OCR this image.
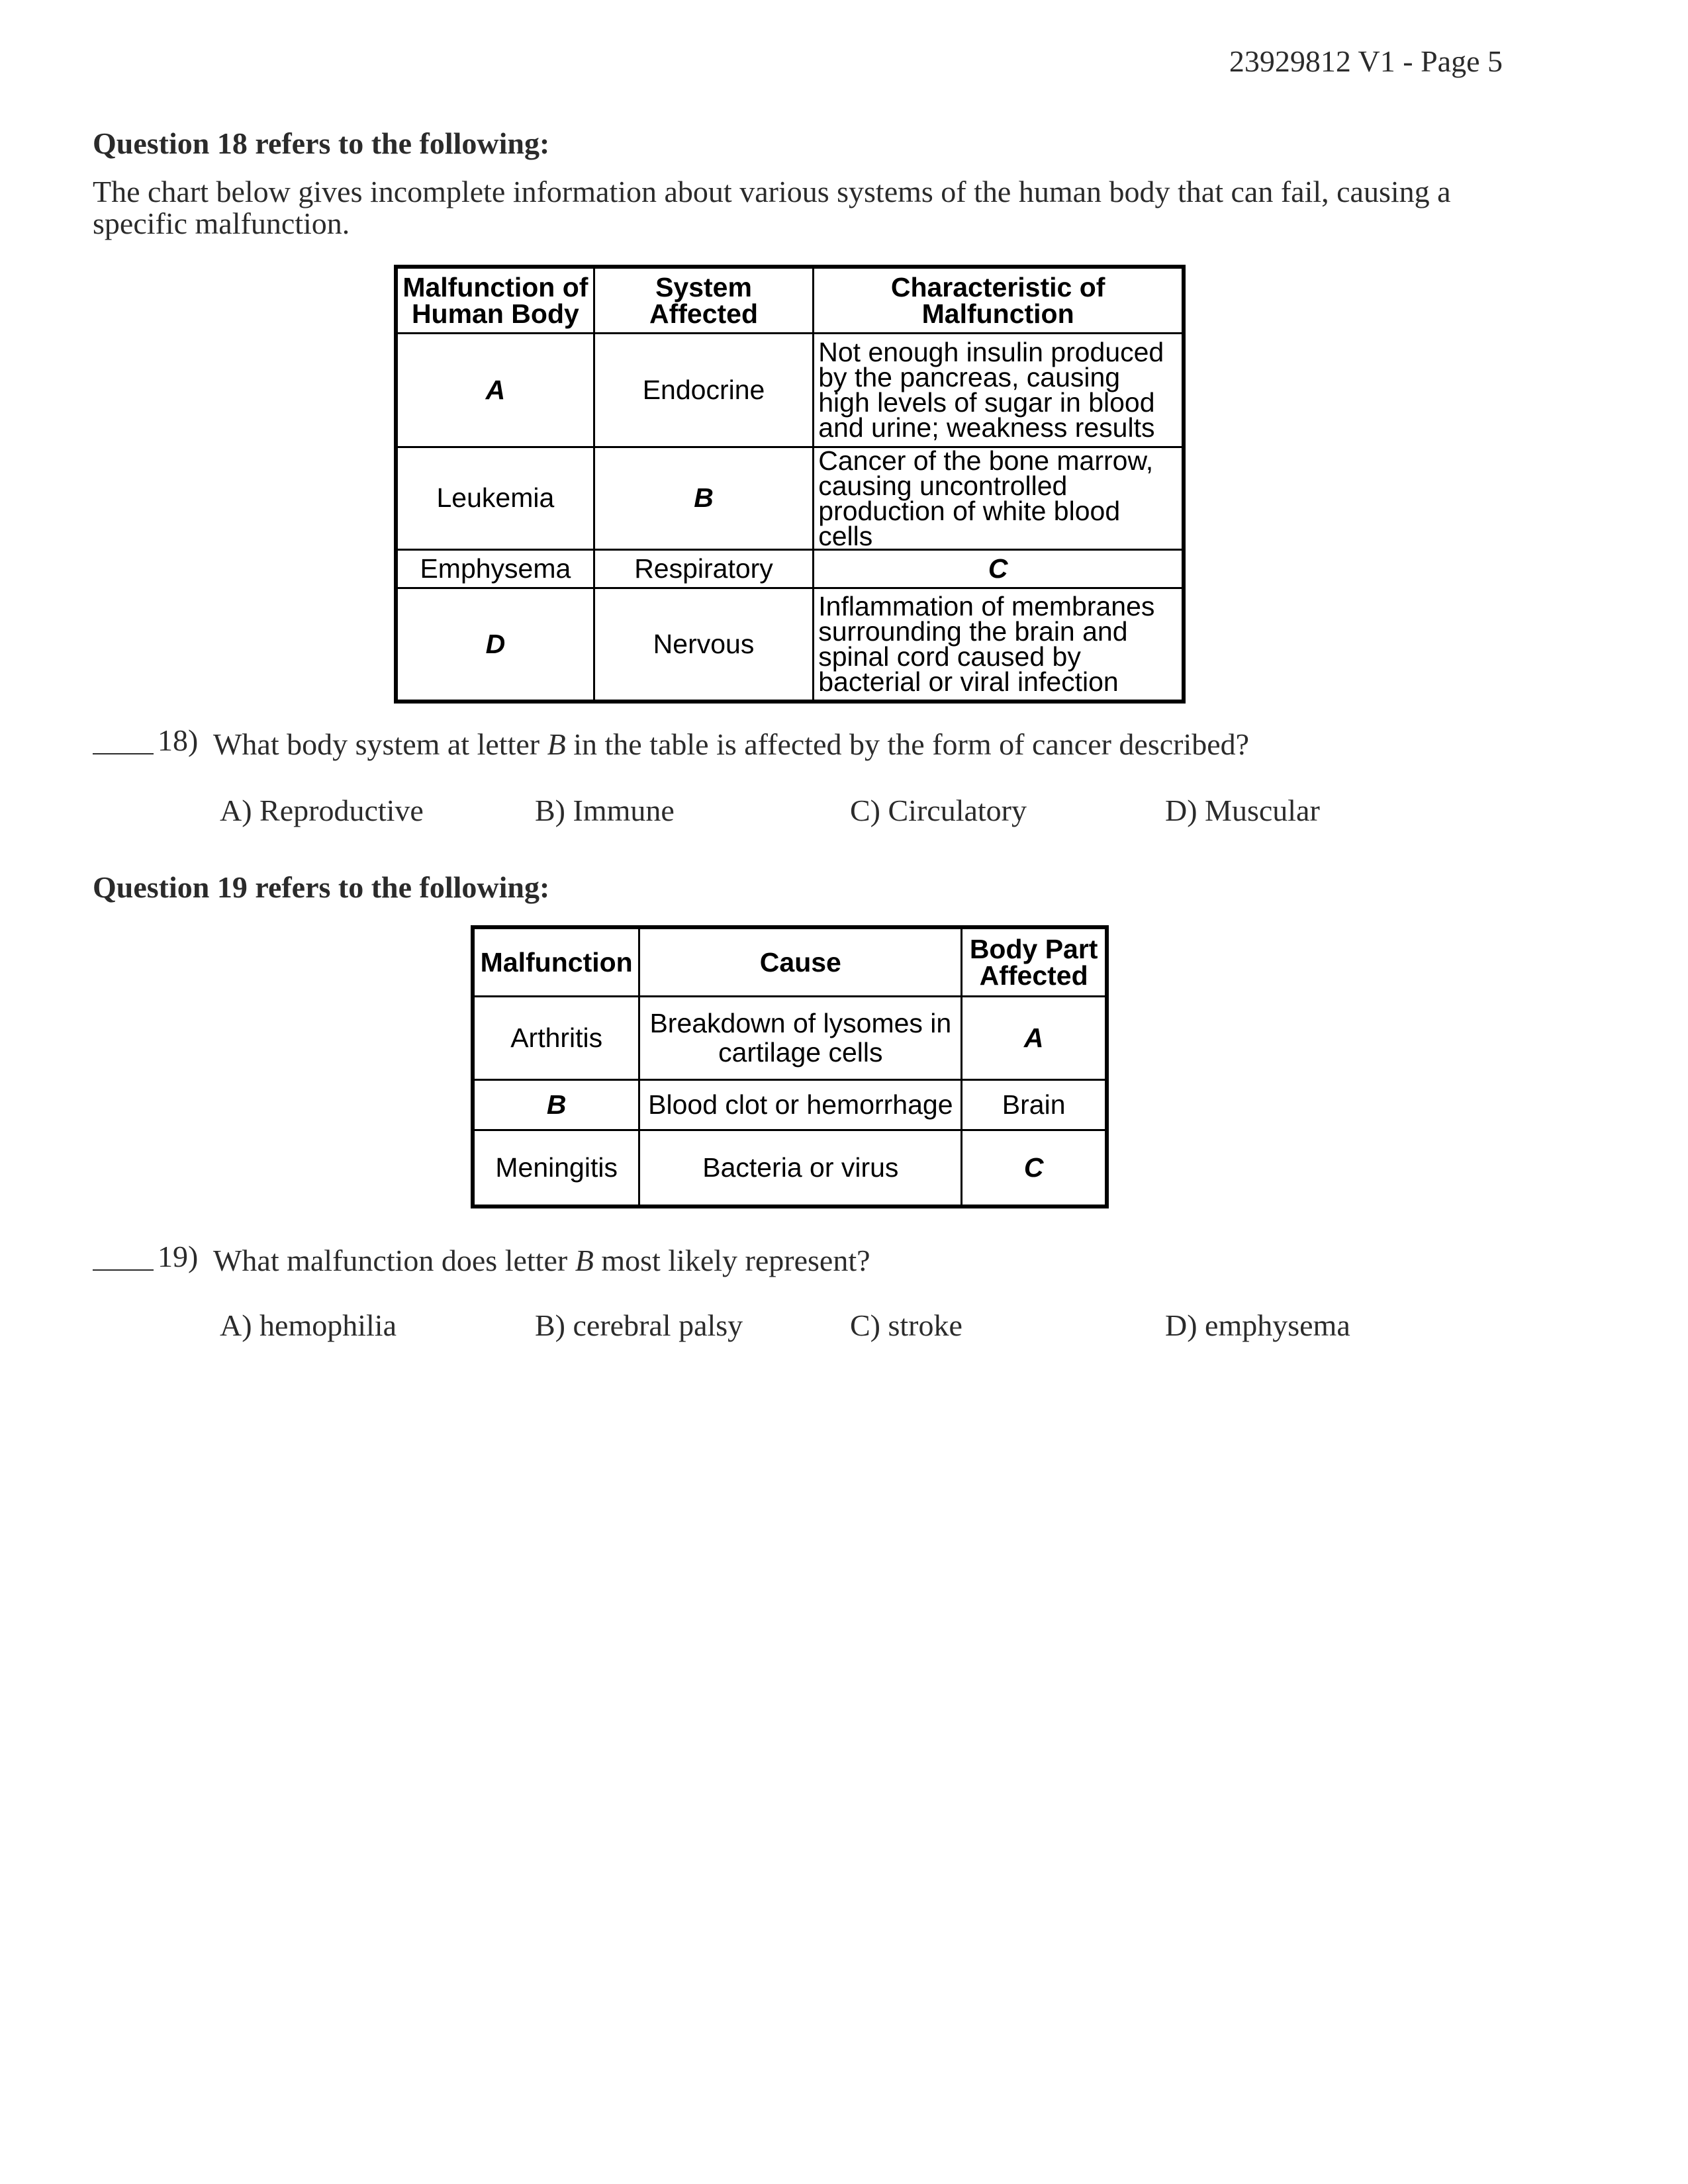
23929812 V1 - Page 5
Question 18 refers to the following:
The chart below gives incomplete information about various systems of the human body that can fail, causing a specific malfunction.
Malfunction of Human Body	System Affected	Characteristic of Malfunction
A	Endocrine	Not enough insulin produced by the pancreas, causing high levels of sugar in blood and urine; weakness results
Leukemia	B	Cancer of the bone marrow, causing uncontrolled production of white blood cells
Emphysema	Respiratory	C
D	Nervous	Inflammation of membranes surrounding the brain and spinal cord caused by bacterial or viral infection
18) What body system at letter B in the table is affected by the form of cancer described?
A) Reproductive	B) Immune	C) Circulatory	D) Muscular
Question 19 refers to the following:
Malfunction	Cause	Body Part Affected
Arthritis	Breakdown of lysomes in cartilage cells	A
B	Blood clot or hemorrhage	Brain
Meningitis	Bacteria or virus	C
19) What malfunction does letter B most likely represent?
A) hemophilia	B) cerebral palsy	C) stroke	D) emphysema
